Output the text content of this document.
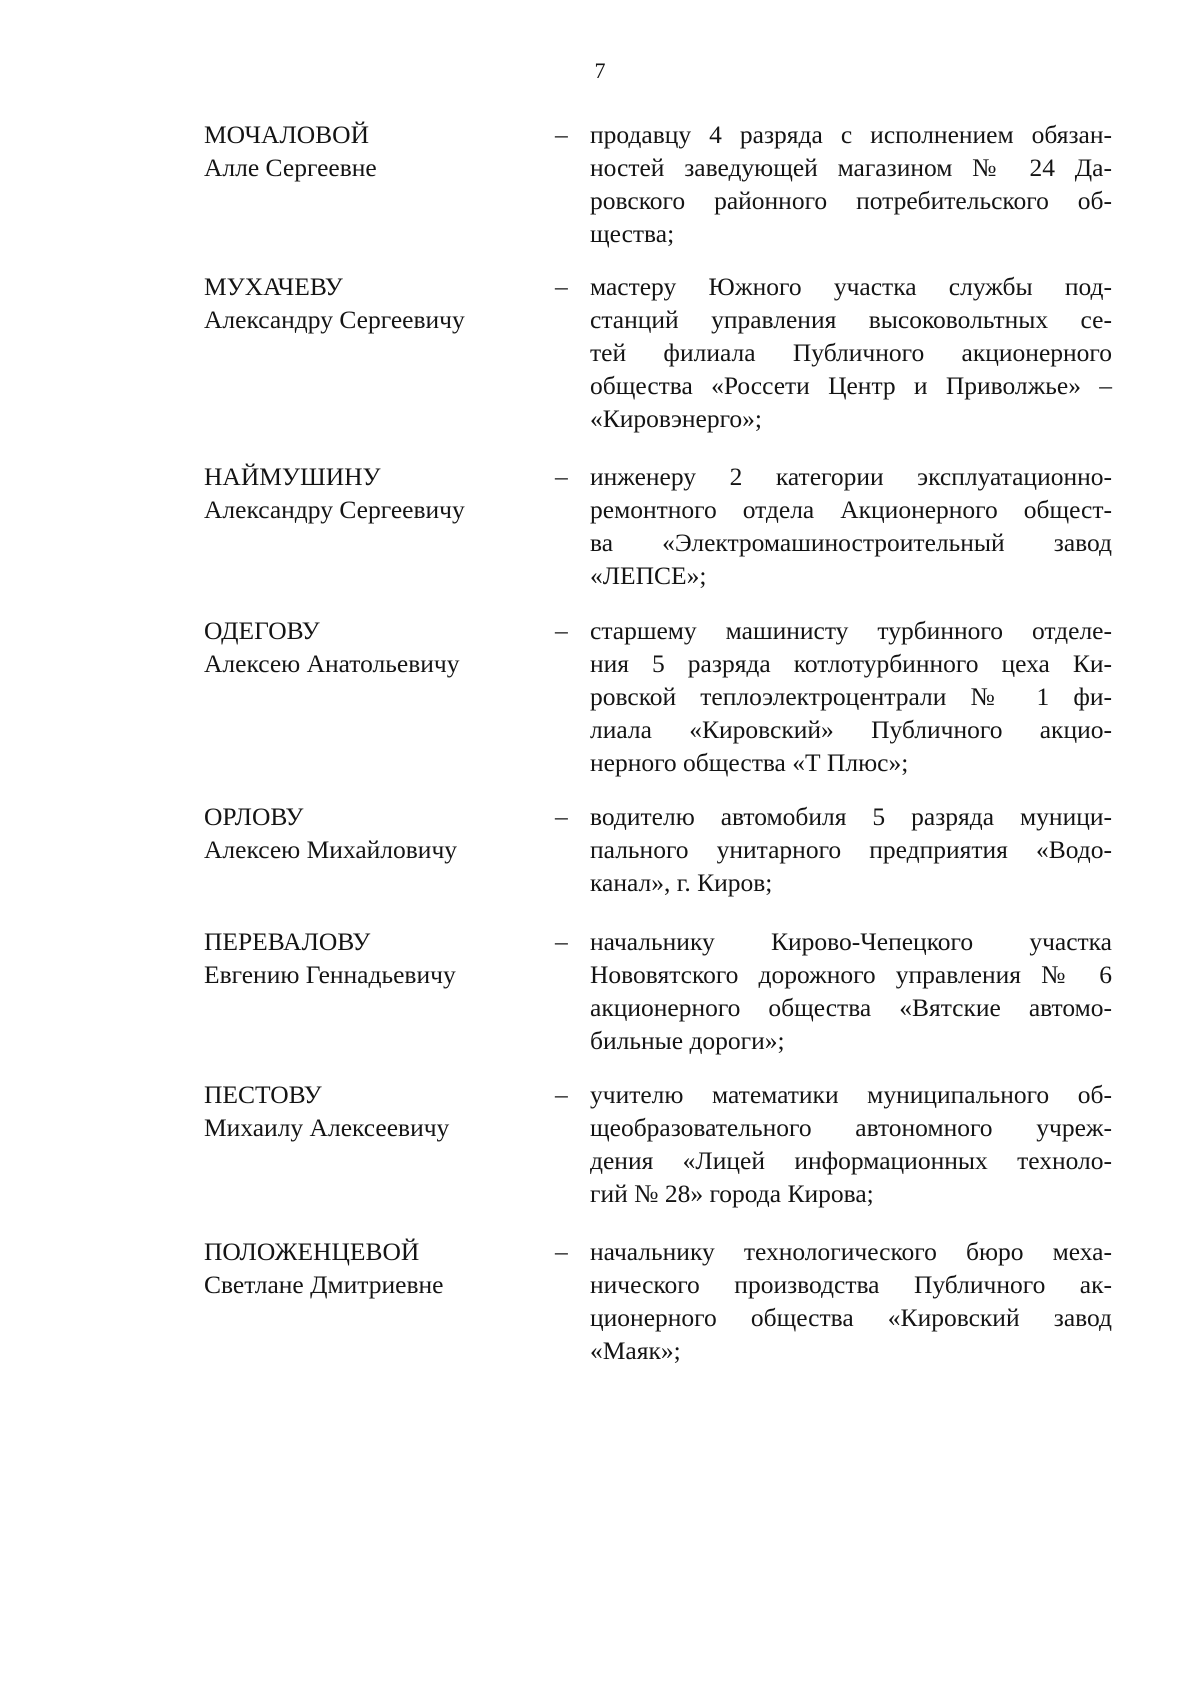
7
МОЧАЛОВОЙ
Алле Сергеевне
– продавцу 4 разряда с исполнением обязан-
ностей заведующей магазином № 24 Да-
ровского районного потребительского об-
щества;
МУХАЧЕВУ
Александру Сергеевичу
– мастеру Южного участка службы под-
станций управления высоковольтных се-
тей филиала Публичного акционерного
общества «Россети Центр и Приволжье» –
«Кировэнерго»;
НАЙМУШИНУ
Александру Сергеевичу
– инженеру 2 категории эксплуатационно-
ремонтного отдела Акционерного общест-
ва «Электромашиностроительный завод
«ЛЕПСЕ»;
ОДЕГОВУ
Алексею Анатольевичу
– старшему машинисту турбинного отделе-
ния 5 разряда котлотурбинного цеха Ки-
ровской теплоэлектроцентрали № 1 фи-
лиала «Кировский» Публичного акцио-
нерного общества «Т Плюс»;
ОРЛОВУ
Алексею Михайловичу
– водителю автомобиля 5 разряда муници-
пального унитарного предприятия «Водо-
канал», г. Киров;
ПЕРЕВАЛОВУ
Евгению Геннадьевичу
– начальнику Кирово-Чепецкого участка
Нововятского дорожного управления № 6
акционерного общества «Вятские автомо-
бильные дороги»;
ПЕСТОВУ
Михаилу Алексеевичу
– учителю математики муниципального об-
щеобразовательного автономного учреж-
дения «Лицей информационных техноло-
гий № 28» города Кирова;
ПОЛОЖЕНЦЕВОЙ
Светлане Дмитриевне
– начальнику технологического бюро меха-
нического производства Публичного ак-
ционерного общества «Кировский завод
«Маяк»;
